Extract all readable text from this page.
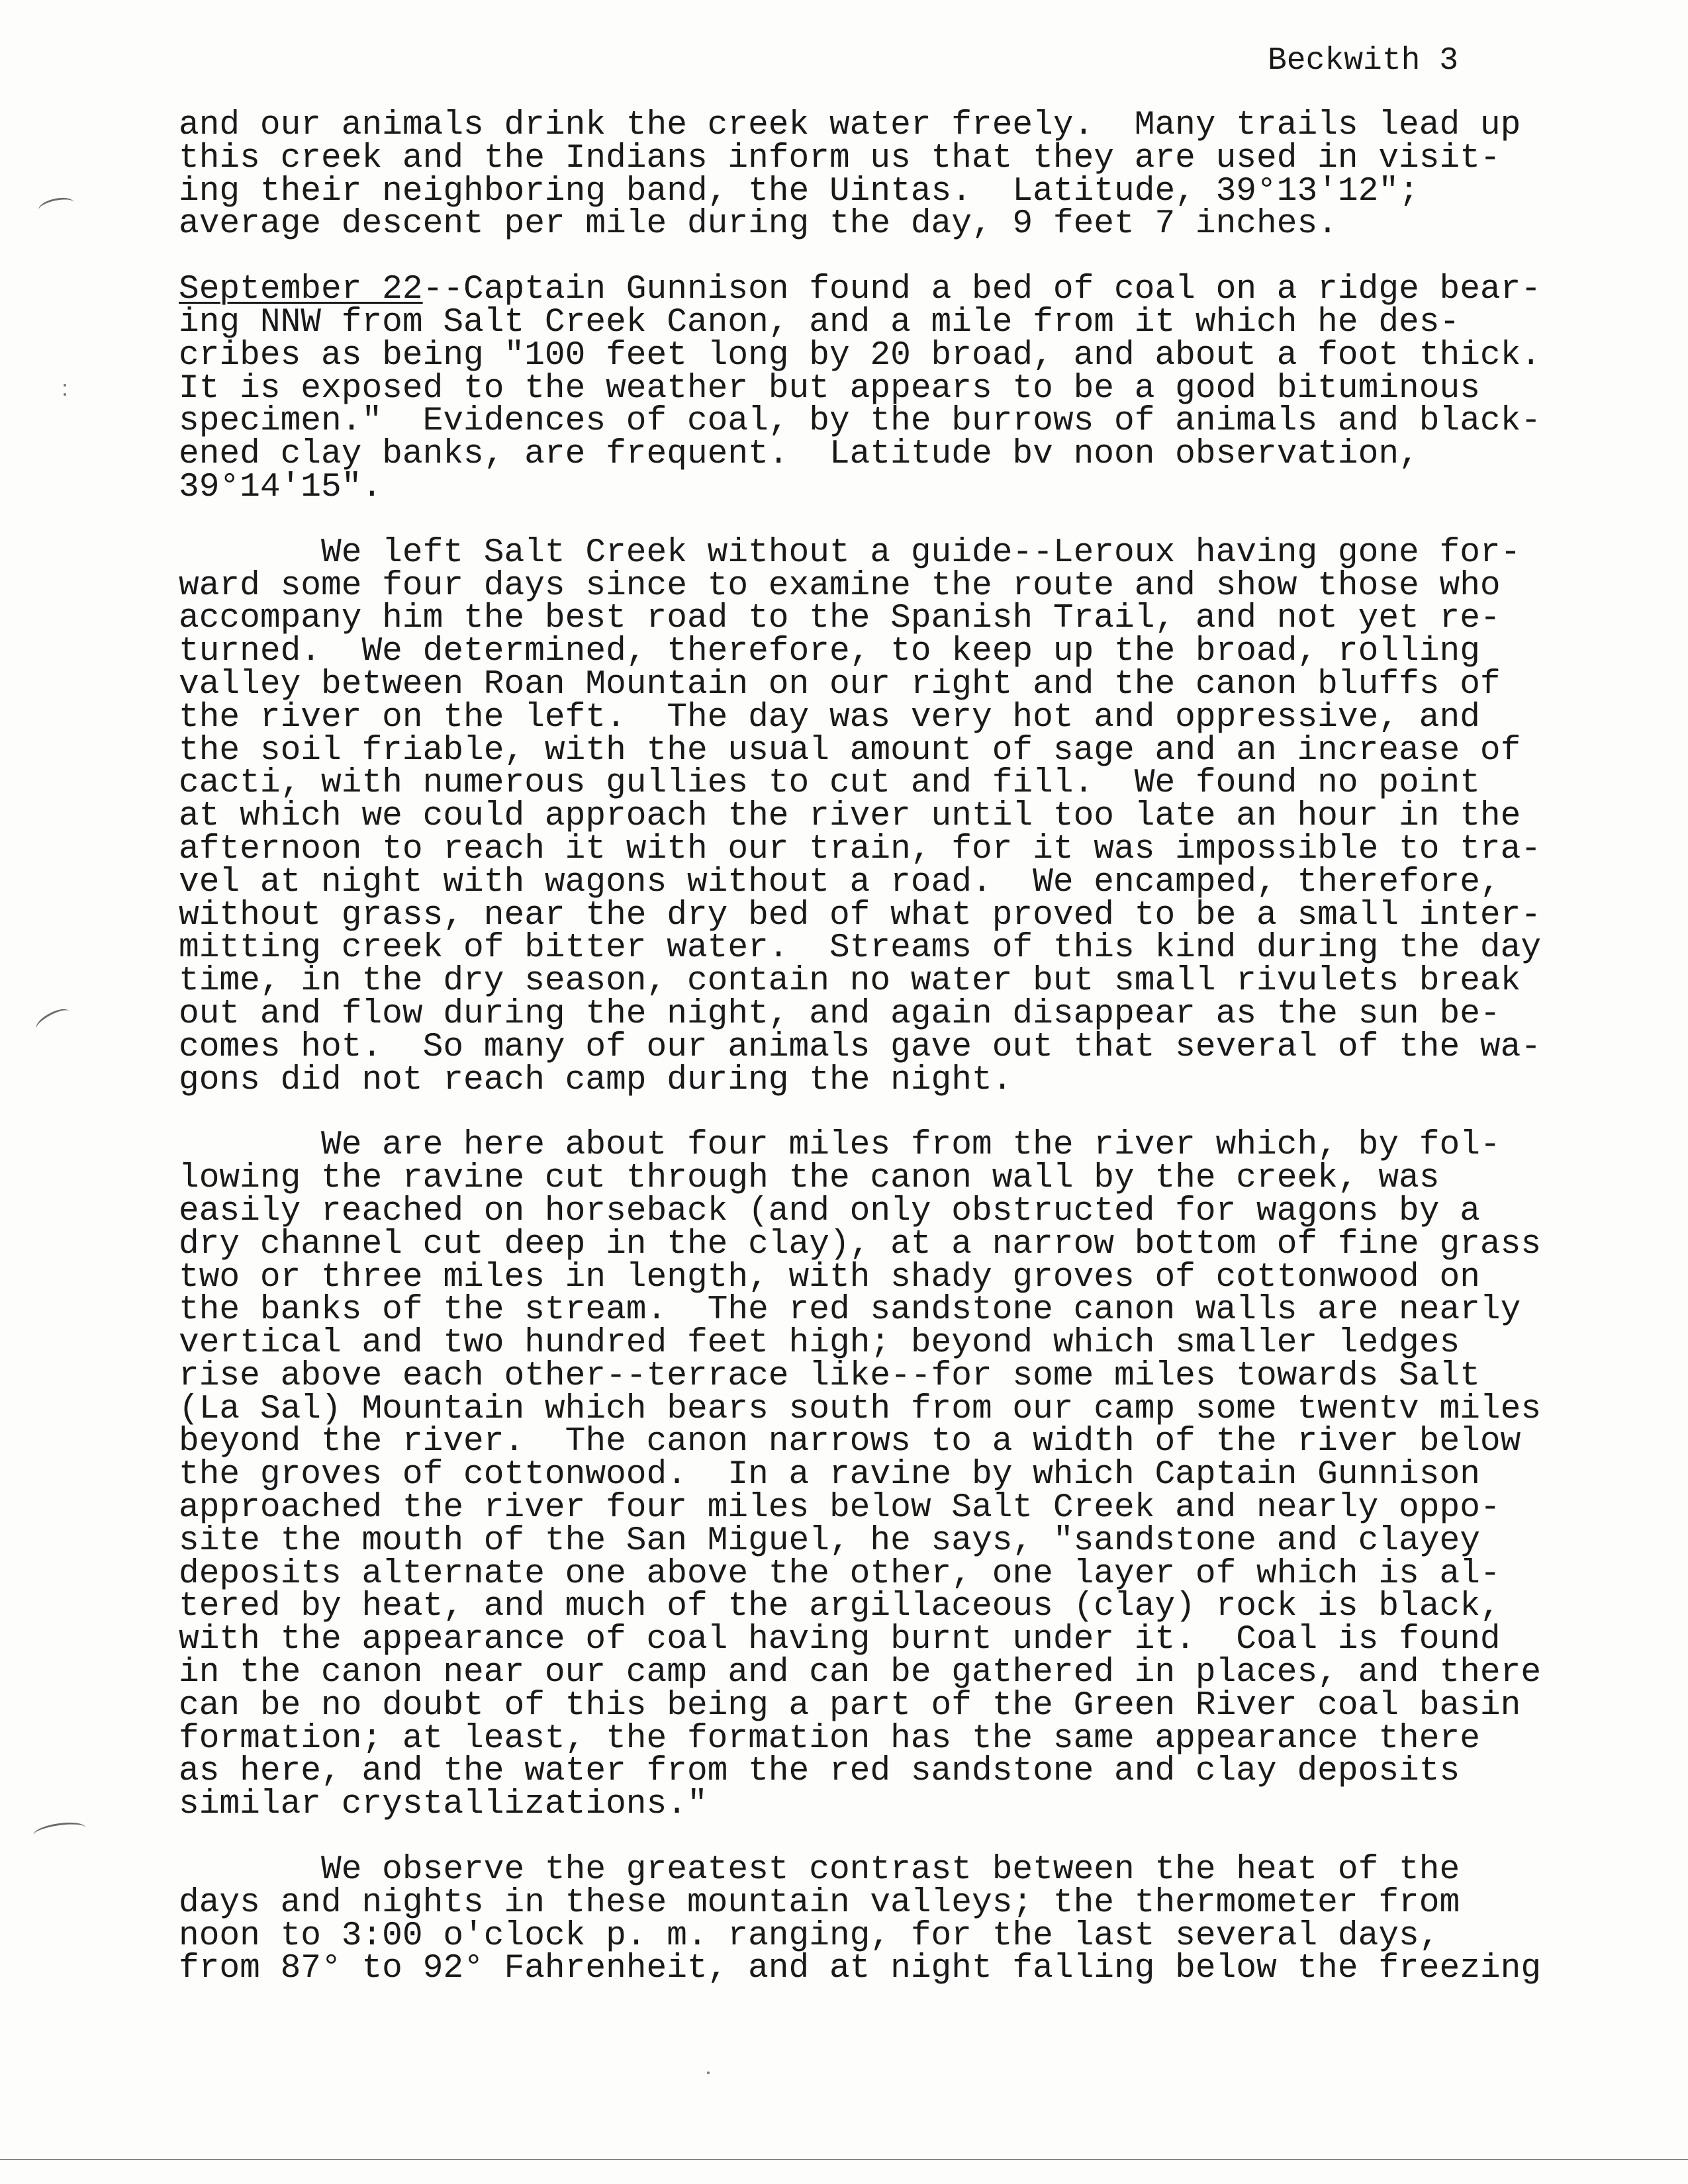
Beckwith 3
and our animals drink the creek water freely.  Many trails lead up
this creek and the Indians inform us that they are used in visit-
ing their neighboring band, the Uintas.  Latitude, 39°13'12";
average descent per mile during the day, 9 feet 7 inches.
September 22--Captain Gunnison found a bed of coal on a ridge bear-
ing NNW from Salt Creek Canon, and a mile from it which he des-
cribes as being "100 feet long by 20 broad, and about a foot thick.
It is exposed to the weather but appears to be a good bituminous
specimen."  Evidences of coal, by the burrows of animals and black-
ened clay banks, are frequent.  Latitude bv noon observation,
39°14'15".
We left Salt Creek without a guide--Leroux having gone for-
ward some four days since to examine the route and show those who
accompany him the best road to the Spanish Trail, and not yet re-
turned.  We determined, therefore, to keep up the broad, rolling
valley between Roan Mountain on our right and the canon bluffs of
the river on the left.  The day was very hot and oppressive, and
the soil friable, with the usual amount of sage and an increase of
cacti, with numerous gullies to cut and fill.  We found no point
at which we could approach the river until too late an hour in the
afternoon to reach it with our train, for it was impossible to tra-
vel at night with wagons without a road.  We encamped, therefore,
without grass, near the dry bed of what proved to be a small inter-
mitting creek of bitter water.  Streams of this kind during the day
time, in the dry season, contain no water but small rivulets break
out and flow during the night, and again disappear as the sun be-
comes hot.  So many of our animals gave out that several of the wa-
gons did not reach camp during the night.
We are here about four miles from the river which, by fol-
lowing the ravine cut through the canon wall by the creek, was
easily reached on horseback (and only obstructed for wagons by a
dry channel cut deep in the clay), at a narrow bottom of fine grass
two or three miles in length, with shady groves of cottonwood on
the banks of the stream.  The red sandstone canon walls are nearly
vertical and two hundred feet high; beyond which smaller ledges
rise above each other--terrace like--for some miles towards Salt
(La Sal) Mountain which bears south from our camp some twentv miles
beyond the river.  The canon narrows to a width of the river below
the groves of cottonwood.  In a ravine by which Captain Gunnison
approached the river four miles below Salt Creek and nearly oppo-
site the mouth of the San Miguel, he says, "sandstone and clayey
deposits alternate one above the other, one layer of which is al-
tered by heat, and much of the argillaceous (clay) rock is black,
with the appearance of coal having burnt under it.  Coal is found
in the canon near our camp and can be gathered in places, and there
can be no doubt of this being a part of the Green River coal basin
formation; at least, the formation has the same appearance there
as here, and the water from the red sandstone and clay deposits
similar crystallizations."
We observe the greatest contrast between the heat of the
days and nights in these mountain valleys; the thermometer from
noon to 3:00 o'clock p. m. ranging, for the last several days,
from 87° to 92° Fahrenheit, and at night falling below the freezing
